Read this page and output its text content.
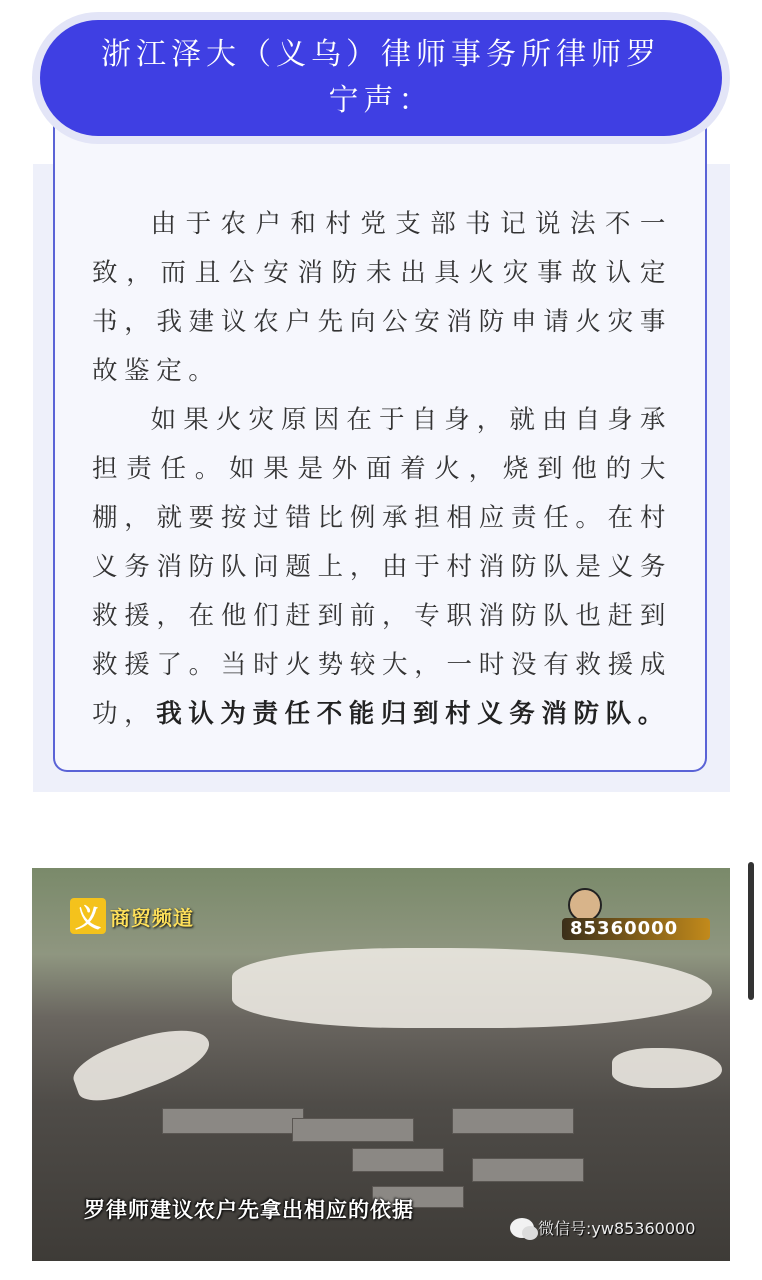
浙江泽大（义乌）律师事务所律师罗宁声：

由于农户和村党支部书记说法不一致，而且公安消防未出具火灾事故认定书，我建议农户先向公安消防申请火灾事故鉴定。

如果火灾原因在于自身，就由自身承担责任。如果是外面着火，烧到他的大棚，就要按过错比例承担相应责任。在村义务消防队问题上，由于村消防队是义务救援，在他们赶到前，专职消防队也赶到救援了。当时火势较大，一时没有救援成功，我认为责任不能归到村义务消防队。

义 商贸频道	85360000
罗律师建议农户先拿出相应的依据
微信号:yw85360000
